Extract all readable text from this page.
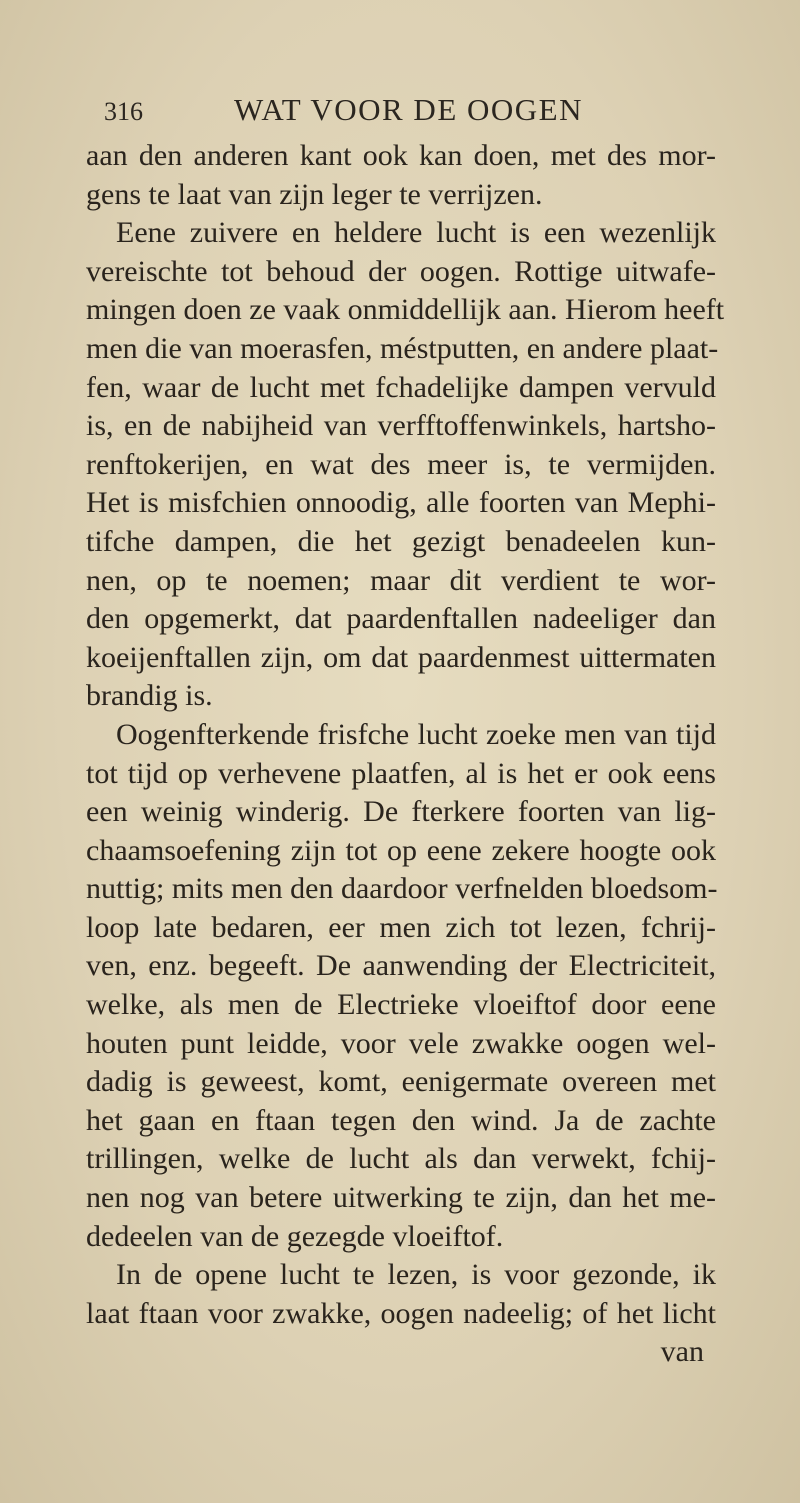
316	WAT VOOR DE OOGEN
aan den anderen kant ook kan doen, met des mor-
gens te laat van zijn leger te verrijzen.
Eene zuivere en heldere lucht is een wezenlijk
vereischte tot behoud der oogen. Rottige uitwafe-
mingen doen ze vaak onmiddellijk aan. Hierom heeft
men die van moerasfen, méstputten, en andere plaat-
fen, waar de lucht met fchadelijke dampen vervuld
is, en de nabijheid van verfftoffenwinkels, hartsho-
renftokerijen, en wat des meer is, te vermijden.
Het is misfchien onnoodig, alle foorten van Mephi-
tifche dampen, die het gezigt benadeelen kun-
nen, op te noemen; maar dit verdient te wor-
den opgemerkt, dat paardenftallen nadeeliger dan
koeijenftallen zijn, om dat paardenmest uittermaten
brandig is.
Oogenfterkende frisfche lucht zoeke men van tijd
tot tijd op verhevene plaatfen, al is het er ook eens
een weinig winderig. De fterkere foorten van lig-
chaamsoefening zijn tot op eene zekere hoogte ook
nuttig; mits men den daardoor verfnelden bloedsom-
loop late bedaren, eer men zich tot lezen, fchrij-
ven, enz. begeeft. De aanwending der Electriciteit,
welke, als men de Electrieke vloeiftof door eene
houten punt leidde, voor vele zwakke oogen wel-
dadig is geweest, komt, eenigermate overeen met
het gaan en ftaan tegen den wind. Ja de zachte
trillingen, welke de lucht als dan verwekt, fchij-
nen nog van betere uitwerking te zijn, dan het me-
dedeelen van de gezegde vloeiftof.
In de opene lucht te lezen, is voor gezonde, ik
laat ftaan voor zwakke, oogen nadeelig; of het licht
van
